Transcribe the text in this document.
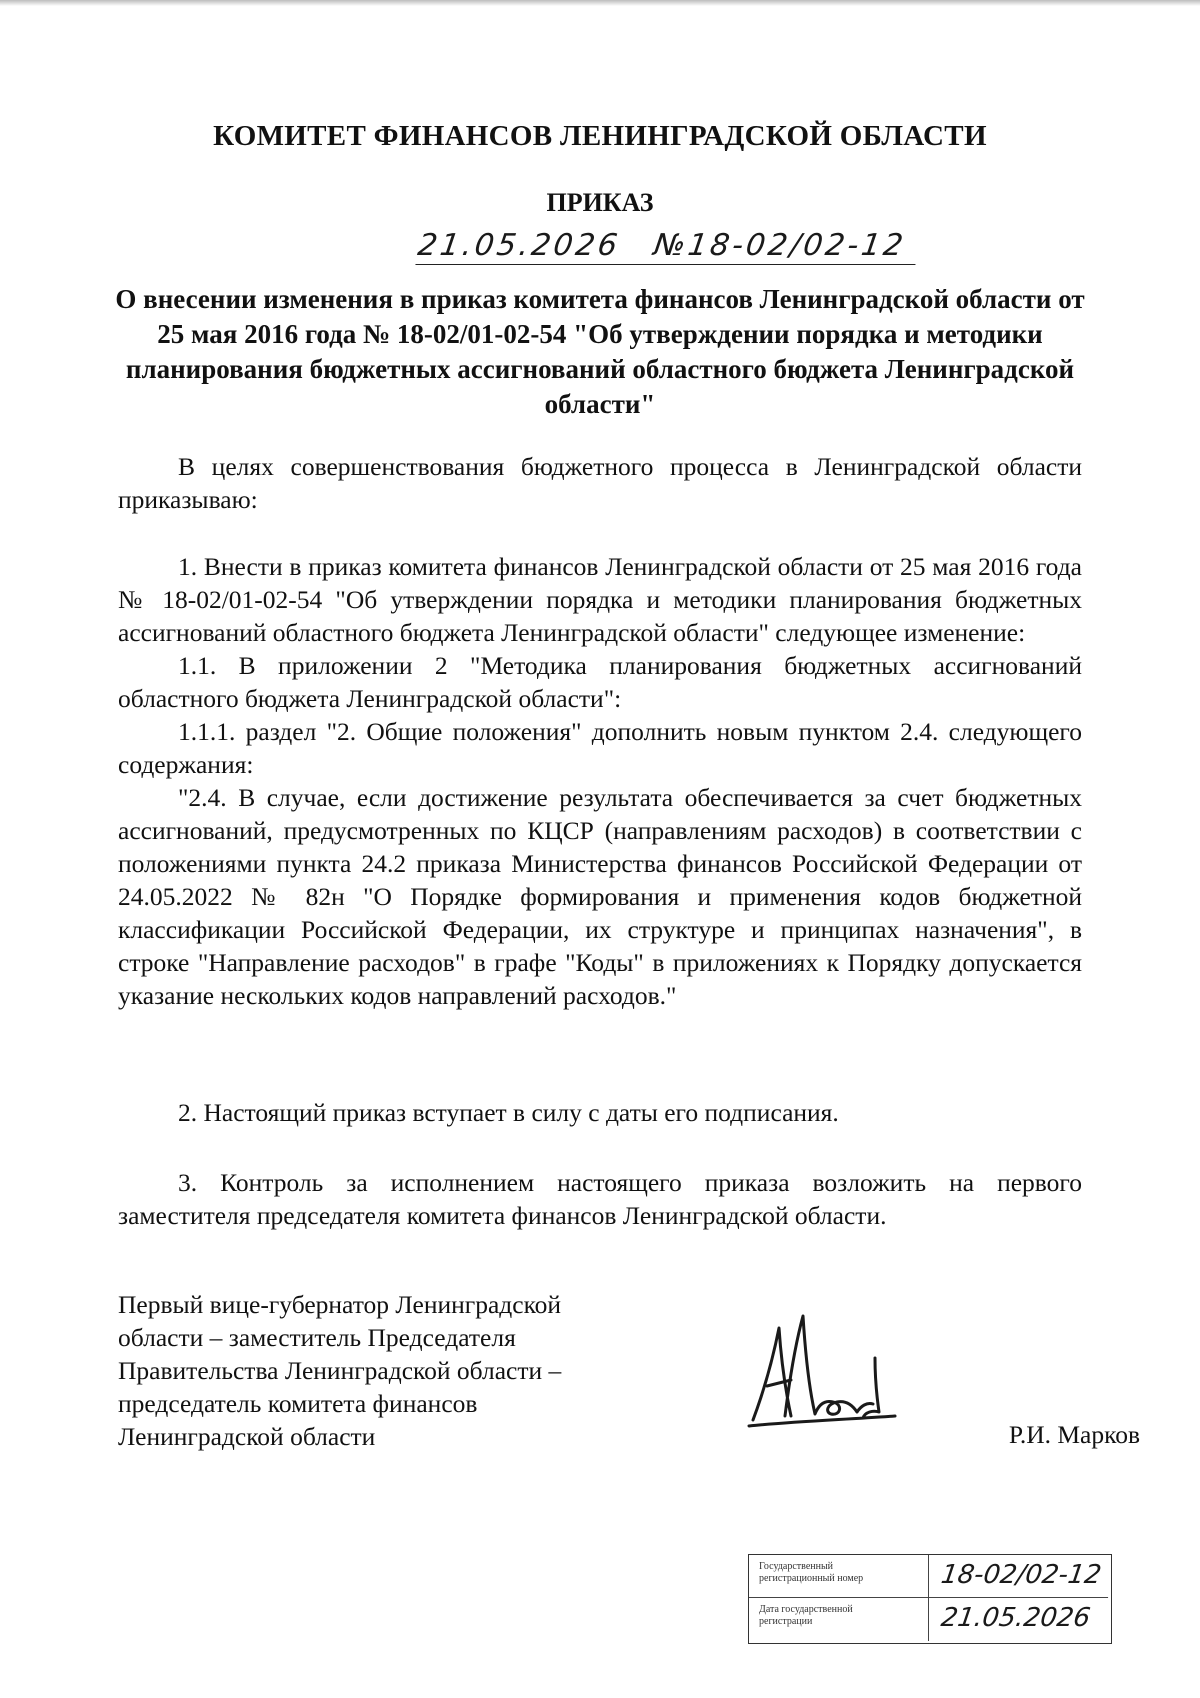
КОМИТЕТ ФИНАНСОВ ЛЕНИНГРАДСКОЙ ОБЛАСТИ
ПРИКАЗ
21.05.2026 №18-02/02-12
О внесении изменения в приказ комитета финансов Ленинградской области от 25 мая 2016 года № 18-02/01-02-54 "Об утверждении порядка и методики планирования бюджетных ассигнований областного бюджета Ленинградской области"

В целях совершенствования бюджетного процесса в Ленинградской области приказываю:

1. Внести в приказ комитета финансов Ленинградской области от 25 мая 2016 года № 18-02/01-02-54 "Об утверждении порядка и методики планирования бюджетных ассигнований областного бюджета Ленинградской области" следующее изменение:

1.1. В приложении 2 "Методика планирования бюджетных ассигнований областного бюджета Ленинградской области":

1.1.1. раздел "2. Общие положения" дополнить новым пунктом 2.4. следующего содержания:

"2.4. В случае, если достижение результата обеспечивается за счет бюджетных ассигнований, предусмотренных по КЦСР (направлениям расходов) в соответствии с положениями пункта 24.2 приказа Министерства финансов Российской Федерации от 24.05.2022 № 82н "О Порядке формирования и применения кодов бюджетной классификации Российской Федерации, их структуре и принципах назначения", в строке "Направление расходов" в графе "Коды" в приложениях к Порядку допускается указание нескольких кодов направлений расходов."

2. Настоящий приказ вступает в силу с даты его подписания.

3. Контроль за исполнением настоящего приказа возложить на первого заместителя председателя комитета финансов Ленинградской области.

Первый вице-губернатор Ленинградской
области – заместитель Председателя
Правительства Ленинградской области –
председатель комитета финансов
Ленинградской области	Р.И. Марков
Государственный
регистрационный номер	18-02/02-12
Дата государственной
регистрации	21.05.2026
